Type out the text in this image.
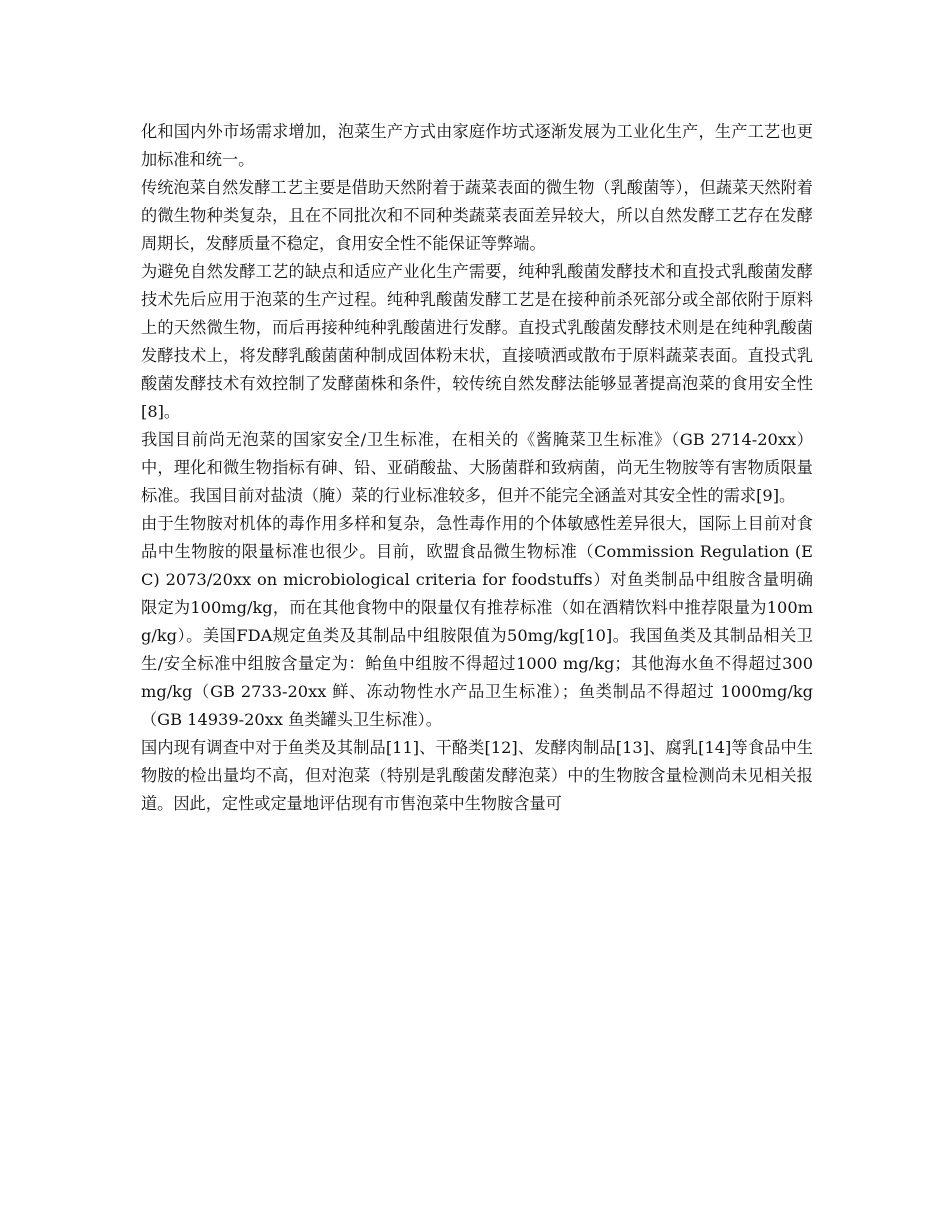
化和国内外市场需求增加，泡菜生产方式由家庭作坊式逐渐发展为工业化生产，生产工艺也更加标准和统一。

传统泡菜自然发酵工艺主要是借助天然附着于蔬菜表面的微生物（乳酸菌等），但蔬菜天然附着的微生物种类复杂，且在不同批次和不同种类蔬菜表面差异较大，所以自然发酵工艺存在发酵周期长，发酵质量不稳定，食用安全性不能保证等弊端。

为避免自然发酵工艺的缺点和适应产业化生产需要，纯种乳酸菌发酵技术和直投式乳酸菌发酵技术先后应用于泡菜的生产过程。纯种乳酸菌发酵工艺是在接种前杀死部分或全部依附于原料上的天然微生物，而后再接种纯种乳酸菌进行发酵。直投式乳酸菌发酵技术则是在纯种乳酸菌发酵技术上，将发酵乳酸菌菌种制成固体粉末状，直接喷洒或散布于原料蔬菜表面。直投式乳酸菌发酵技术有效控制了发酵菌株和条件，较传统自然发酵法能够显著提高泡菜的食用安全性[8]。

我国目前尚无泡菜的国家安全/卫生标准，在相关的《酱腌菜卫生标准》（GB 2714-20xx）中，理化和微生物指标有砷、铅、亚硝酸盐、大肠菌群和致病菌，尚无生物胺等有害物质限量标准。我国目前对盐渍（腌）菜的行业标准较多，但并不能完全涵盖对其安全性的需求[9]。

由于生物胺对机体的毒作用多样和复杂，急性毒作用的个体敏感性差异很大，国际上目前对食品中生物胺的限量标准也很少。目前，欧盟食品微生物标准（Commission Regulation (EC) 2073/20xx on microbiological criteria for foodstuffs）对鱼类制品中组胺含量明确限定为100mg/kg，而在其他食物中的限量仅有推荐标准（如在酒精饮料中推荐限量为100mg/kg）。美国FDA规定鱼类及其制品中组胺限值为50mg/kg[10]。我国鱼类及其制品相关卫生/安全标准中组胺含量定为：鲐鱼中组胺不得超过1000 mg/kg；其他海水鱼不得超过300 mg/kg（GB 2733-20xx 鲜、冻动物性水产品卫生标准）；鱼类制品不得超过 1000mg/kg（GB 14939-20xx 鱼类罐头卫生标准）。

国内现有调查中对于鱼类及其制品[11]、干酪类[12]、发酵肉制品[13]、腐乳[14]等食品中生物胺的检出量均不高，但对泡菜（特别是乳酸菌发酵泡菜）中的生物胺含量检测尚未见相关报道。因此，定性或定量地评估现有市售泡菜中生物胺含量可
